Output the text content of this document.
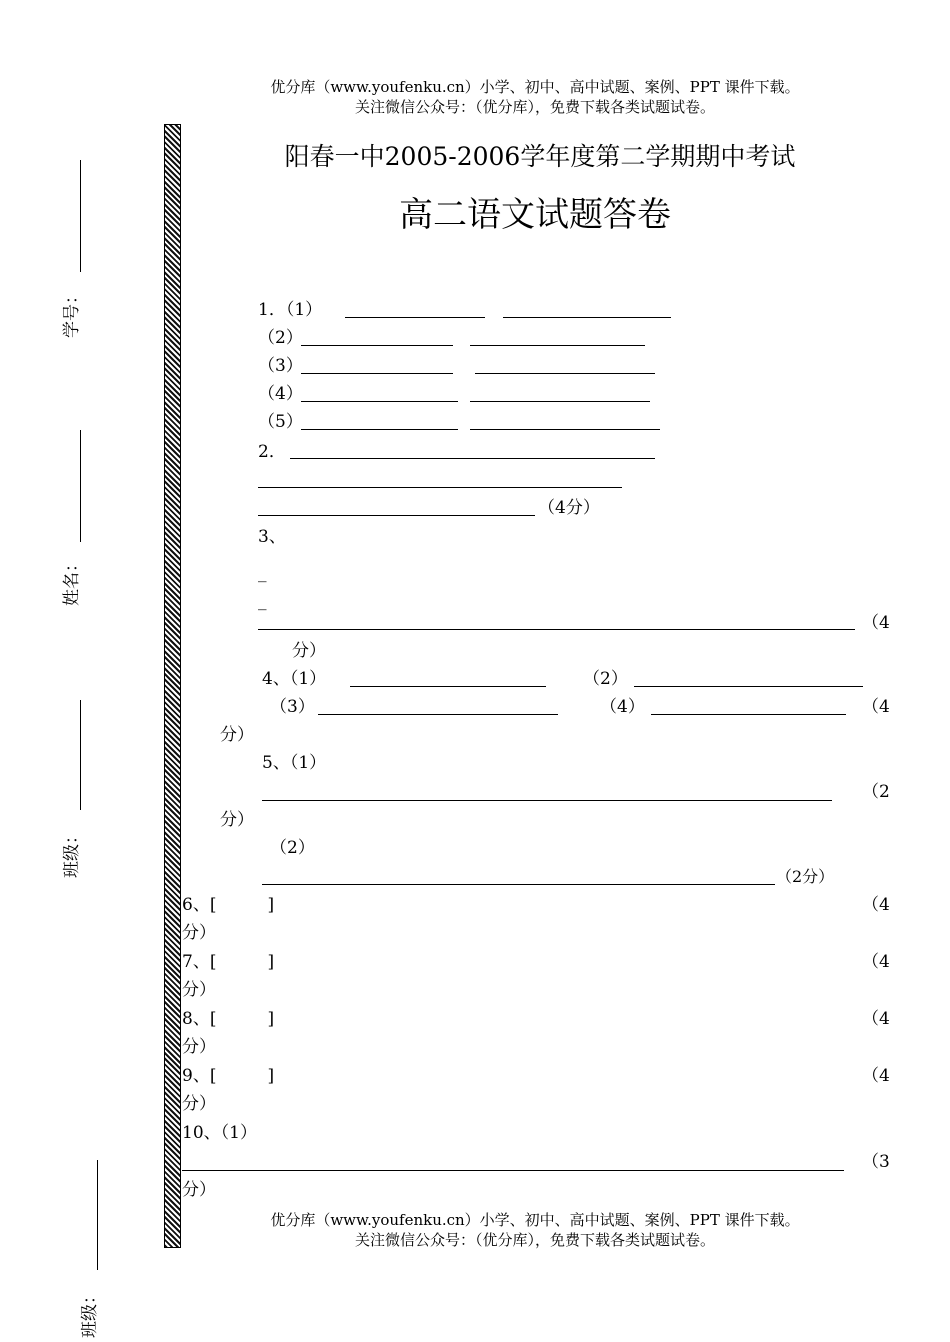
优分库（www.youfenku.cn）小学、初中、高中试题、案例、PPT 课件下载。
关注微信公众号：（优分库），免费下载各类试题试卷。
学号：
姓名：
班级：
班级：
阳春一中2005-2006学年度第二学期期中考试
高二语文试题答卷
1．（1）
（2）
（3）
（4）
（5）
2．
（4分）
3、
_
_
（4
分）
4、（1）	（2）
（3）	（4）	（4
分）
5、（1）
（2
分）
（2）
（2分）
6、[　　　]	（4
分）
7、[　　　]	（4
分）
8、[　　　]	（4
分）
9、[　　　]	（4
分）
10、（1）
（3
分）
优分库（www.youfenku.cn）小学、初中、高中试题、案例、PPT 课件下载。
关注微信公众号：（优分库），免费下载各类试题试卷。
